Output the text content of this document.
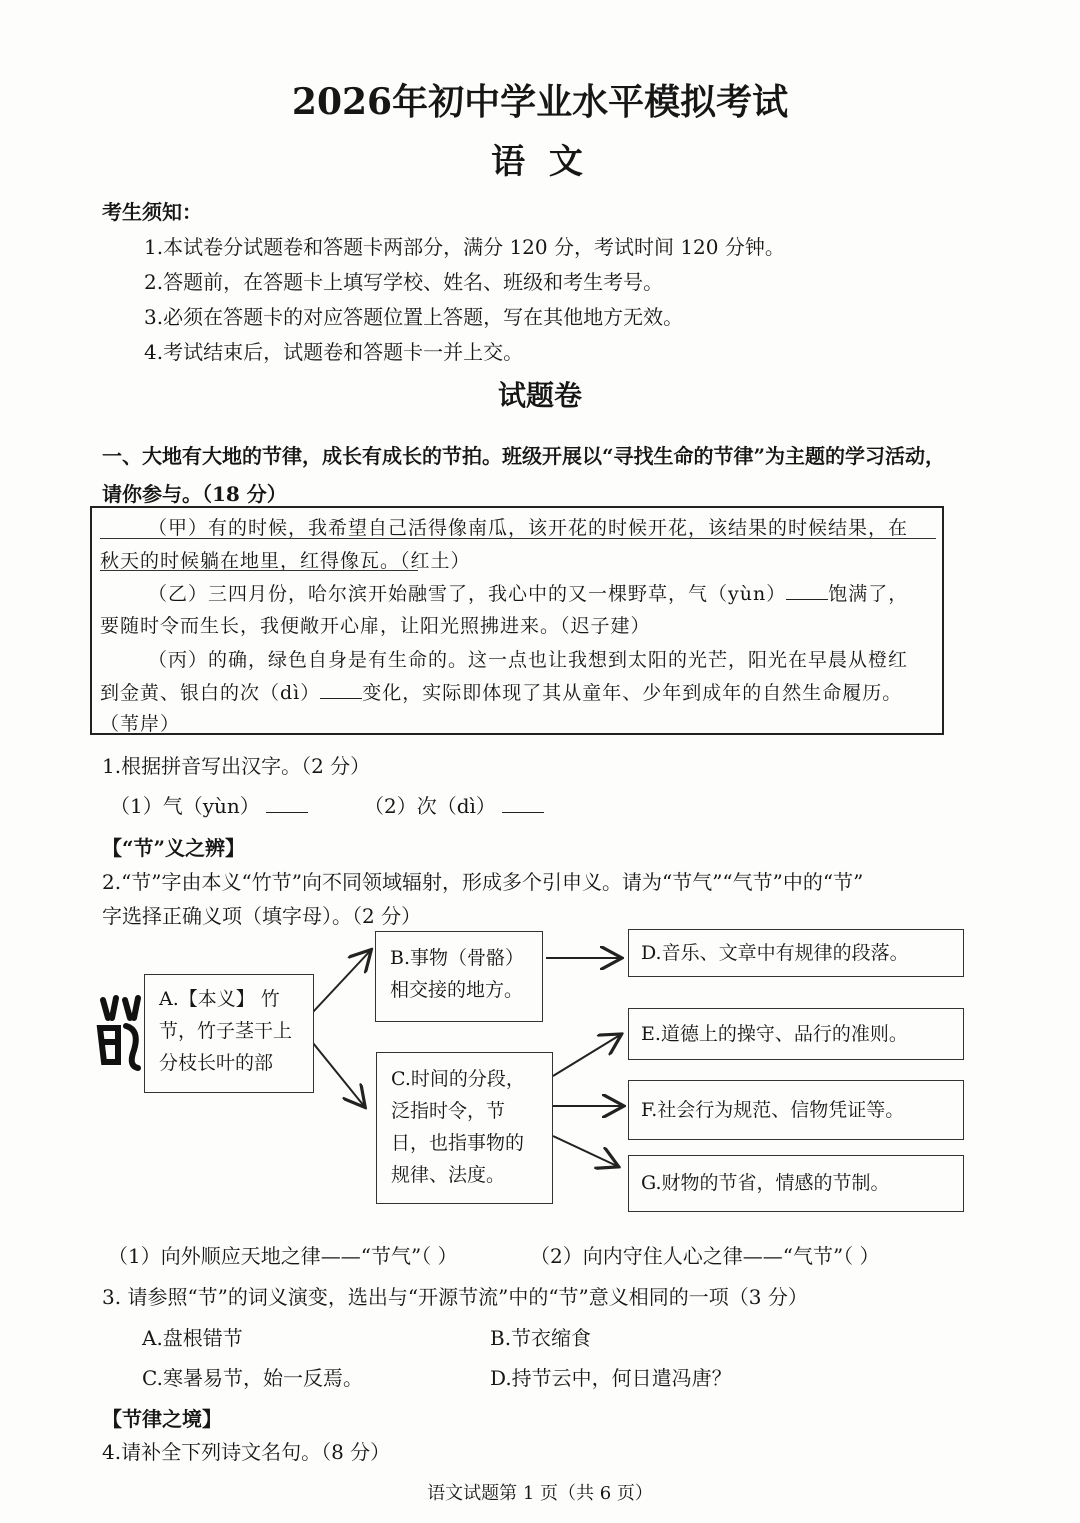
2026年初中学业水平模拟考试
语 文
考生须知：
1.本试卷分试题卷和答题卡两部分，满分 120 分，考试时间 120 分钟。
2.答题前，在答题卡上填写学校、姓名、班级和考生考号。
3.必须在答题卡的对应答题位置上答题，写在其他地方无效。
4.考试结束后，试题卷和答题卡一并上交。
试题卷
一、大地有大地的节律，成长有成长的节拍。班级开展以“寻找生命的节律”为主题的学习活动，
请你参与。（18 分）
（甲）有的时候，我希望自己活得像南瓜，该开花的时候开花，该结果的时候结果，在
秋天的时候躺在地里，红得像瓦。（红土）
（乙）三四月份，哈尔滨开始融雪了，我心中的又一棵野草，气（yùn） 饱满了，
要随时令而生长，我便敞开心扉，让阳光照拂进来。（迟子建）
（丙）的确，绿色自身是有生命的。这一点也让我想到太阳的光芒，阳光在早晨从橙红
到金黄、银白的次（dì） 变化，实际即体现了其从童年、少年到成年的自然生命履历。
（苇岸）
1.根据拼音写出汉字。（2 分）
（1）气（yùn）	（2）次（dì）
【“节”义之辨】
2.“节”字由本义“竹节”向不同领域辐射，形成多个引申义。请为“节气”“气节”中的“节”
字选择正确义项（填字母）。（2 分）
A.【本义】 竹
节，竹子茎干上
分枝长叶的部
B.事物（骨骼）
相交接的地方。
C.时间的分段，
泛指时令，节
日，也指事物的
规律、法度。
D.音乐、文章中有规律的段落。
E.道德上的操守、品行的准则。
F.社会行为规范、信物凭证等。
G.财物的节省，情感的节制。
（1）向外顺应天地之律——“节气”（ ）	（2）向内守住人心之律——“气节”（ ）
3. 请参照“节”的词义演变，选出与“开源节流”中的“节”意义相同的一项（3 分）
A.盘根错节	B.节衣缩食
C.寒暑易节，始一反焉。	D.持节云中，何日遣冯唐？
【节律之境】
4.请补全下列诗文名句。（8 分）
语文试题第 1 页（共 6 页）
